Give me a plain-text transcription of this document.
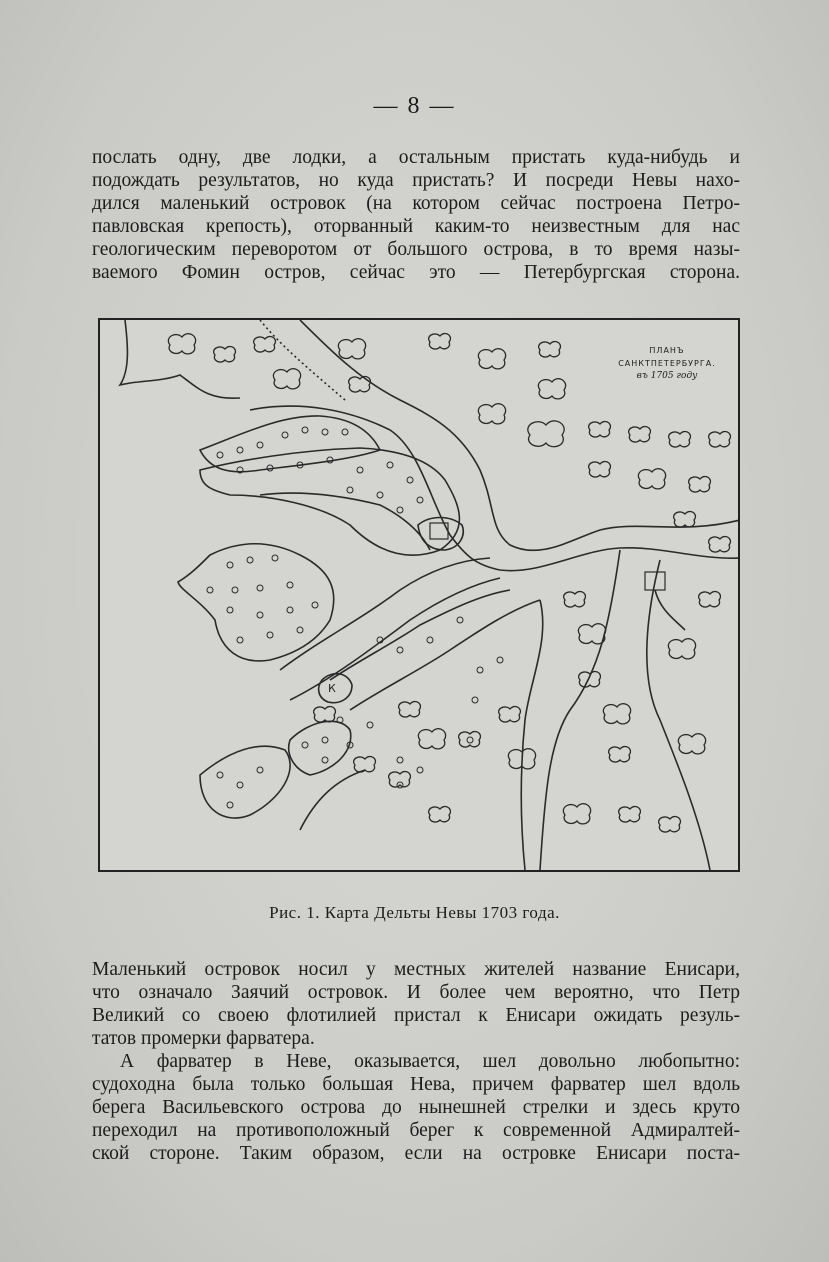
— 8 —

послать одну, две лодки, а остальным пристать куда-нибудь и
подождать результатов, но куда пристать? И посреди Невы нахо-
дился маленький островок (на котором сейчас построена Петро-
павловская крепость), оторванный каким-то неизвестным для нас
геологическим переворотом от большого острова, в то время назы-
ваемого Фомин остров, сейчас это — Петербургская сторона.

К
ПЛАНЪ
САНКТПЕТЕРБУРГА.
въ 1705 году
Рис. 1. Карта Дельты Невы 1703 года.

Маленький островок носил у местных жителей название Енисари,
что означало Заячий островок. И более чем вероятно, что Петр
Великий со своею флотилией пристал к Енисари ожидать резуль-
татов промерки фарватера.

А фарватер в Неве, оказывается, шел довольно любопытно:
судоходна была только большая Нева, причем фарватер шел вдоль
берега Васильевского острова до нынешней стрелки и здесь круто
переходил на противоположный берег к современной Адмиралтей-
ской стороне. Таким образом, если на островке Енисари поста-
